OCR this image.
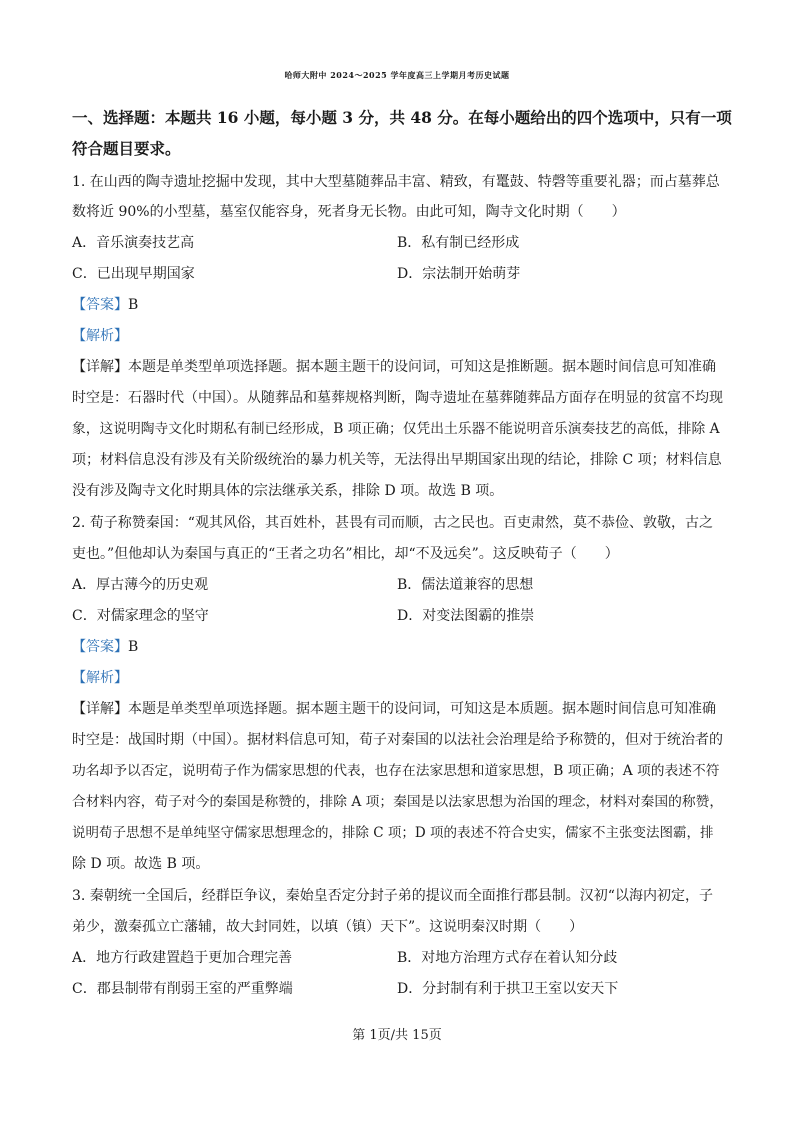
哈师大附中 2024～2025 学年度高三上学期月考历史试题
一、选择题：本题共 16 小题，每小题 3 分，共 48 分。在每小题给出的四个选项中，只有一项符合题目要求。
1. 在山西的陶寺遗址挖掘中发现，其中大型墓随葬品丰富、精致，有鼍鼓、特磬等重要礼器；而占墓葬总
数将近 90%的小型墓，墓室仅能容身，死者身无长物。由此可知，陶寺文化时期（　　）
A．音乐演奏技艺高	B．私有制已经形成
C．已出现早期国家	D．宗法制开始萌芽
【答案】B
【解析】
【详解】本题是单类型单项选择题。据本题主题干的设问词，可知这是推断题。据本题时间信息可知准确
时空是：石器时代（中国）。从随葬品和墓葬规格判断，陶寺遗址在墓葬随葬品方面存在明显的贫富不均现
象，这说明陶寺文化时期私有制已经形成，B 项正确；仅凭出土乐器不能说明音乐演奏技艺的高低，排除 A
项；材料信息没有涉及有关阶级统治的暴力机关等，无法得出早期国家出现的结论，排除 C 项；材料信息
没有涉及陶寺文化时期具体的宗法继承关系，排除 D 项。故选 B 项。
2. 荀子称赞秦国：“观其风俗，其百姓朴，甚畏有司而顺，古之民也。百吏肃然，莫不恭俭、敦敬，古之
吏也。”但他却认为秦国与真正的“王者之功名”相比，却“不及远矣”。这反映荀子（　　）
A．厚古薄今的历史观	B．儒法道兼容的思想
C．对儒家理念的坚守	D．对变法图霸的推崇
【答案】B
【解析】
【详解】本题是单类型单项选择题。据本题主题干的设问词，可知这是本质题。据本题时间信息可知准确
时空是：战国时期（中国）。据材料信息可知，荀子对秦国的以法社会治理是给予称赞的，但对于统治者的
功名却予以否定，说明荀子作为儒家思想的代表，也存在法家思想和道家思想，B 项正确；A 项的表述不符
合材料内容，荀子对今的秦国是称赞的，排除 A 项；秦国是以法家思想为治国的理念，材料对秦国的称赞，
说明荀子思想不是单纯坚守儒家思想理念的，排除 C 项；D 项的表述不符合史实，儒家不主张变法图霸，排
除 D 项。故选 B 项。
3. 秦朝统一全国后，经群臣争议，秦始皇否定分封子弟的提议而全面推行郡县制。汉初“以海内初定，子
弟少，激秦孤立亡藩辅，故大封同姓，以填（镇）天下”。这说明秦汉时期（　　）
A．地方行政建置趋于更加合理完善	B．对地方治理方式存在着认知分歧
C．郡县制带有削弱王室的严重弊端	D．分封制有利于拱卫王室以安天下
第 1页/共 15页
